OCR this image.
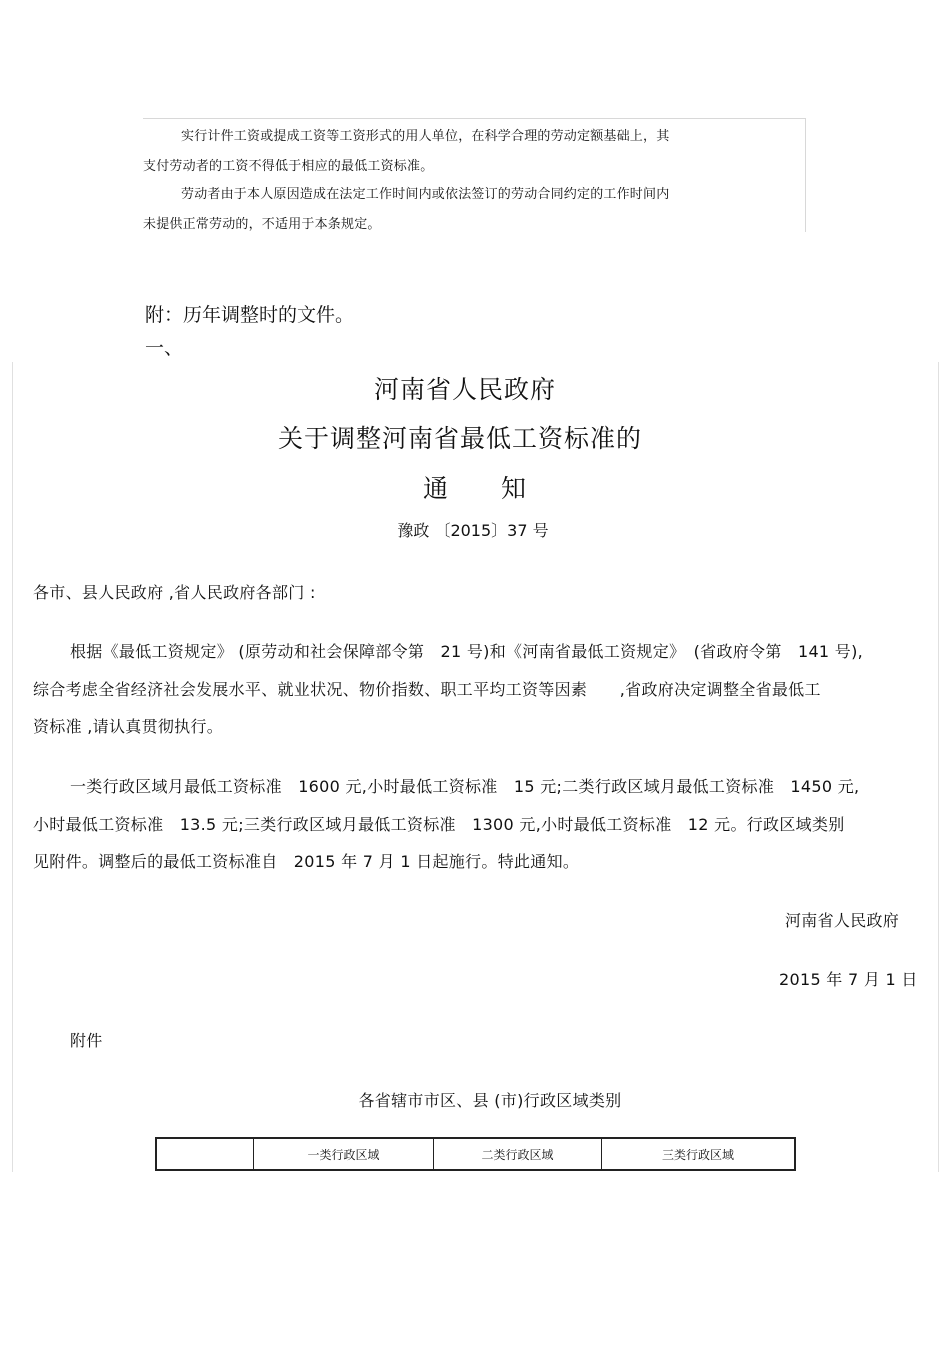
实行计件工资或提成工资等工资形式的用人单位，在科学合理的劳动定额基础上，其

支付劳动者的工资不得低于相应的最低工资标准。

劳动者由于本人原因造成在法定工作时间内或依法签订的劳动合同约定的工作时间内

未提供正常劳动的，不适用于本条规定。

附：历年调整时的文件。

一、

河南省人民政府

关于调整河南省最低工资标准的

通　　知

豫政 〔2015〕37 号

各市、县人民政府 ,省人民政府各部门 :

根据《最低工资规定》 (原劳动和社会保障部令第　21 号)和《河南省最低工资规定》　(省政府令第　141 号),

综合考虑全省经济社会发展水平、就业状况、物价指数、职工平均工资等因素　　,省政府决定调整全省最低工

资标准 ,请认真贯彻执行。

一类行政区域月最低工资标准　1600 元,小时最低工资标准　15 元;二类行政区域月最低工资标准　1450 元,

小时最低工资标准　13.5 元;三类行政区域月最低工资标准　1300 元,小时最低工资标准　12 元。行政区域类别

见附件。调整后的最低工资标准自　2015 年 7 月 1 日起施行。特此通知。

河南省人民政府

2015 年 7 月 1 日

附件

各省辖市市区、县 (市)行政区域类别

一类行政区域	二类行政区域	三类行政区域
